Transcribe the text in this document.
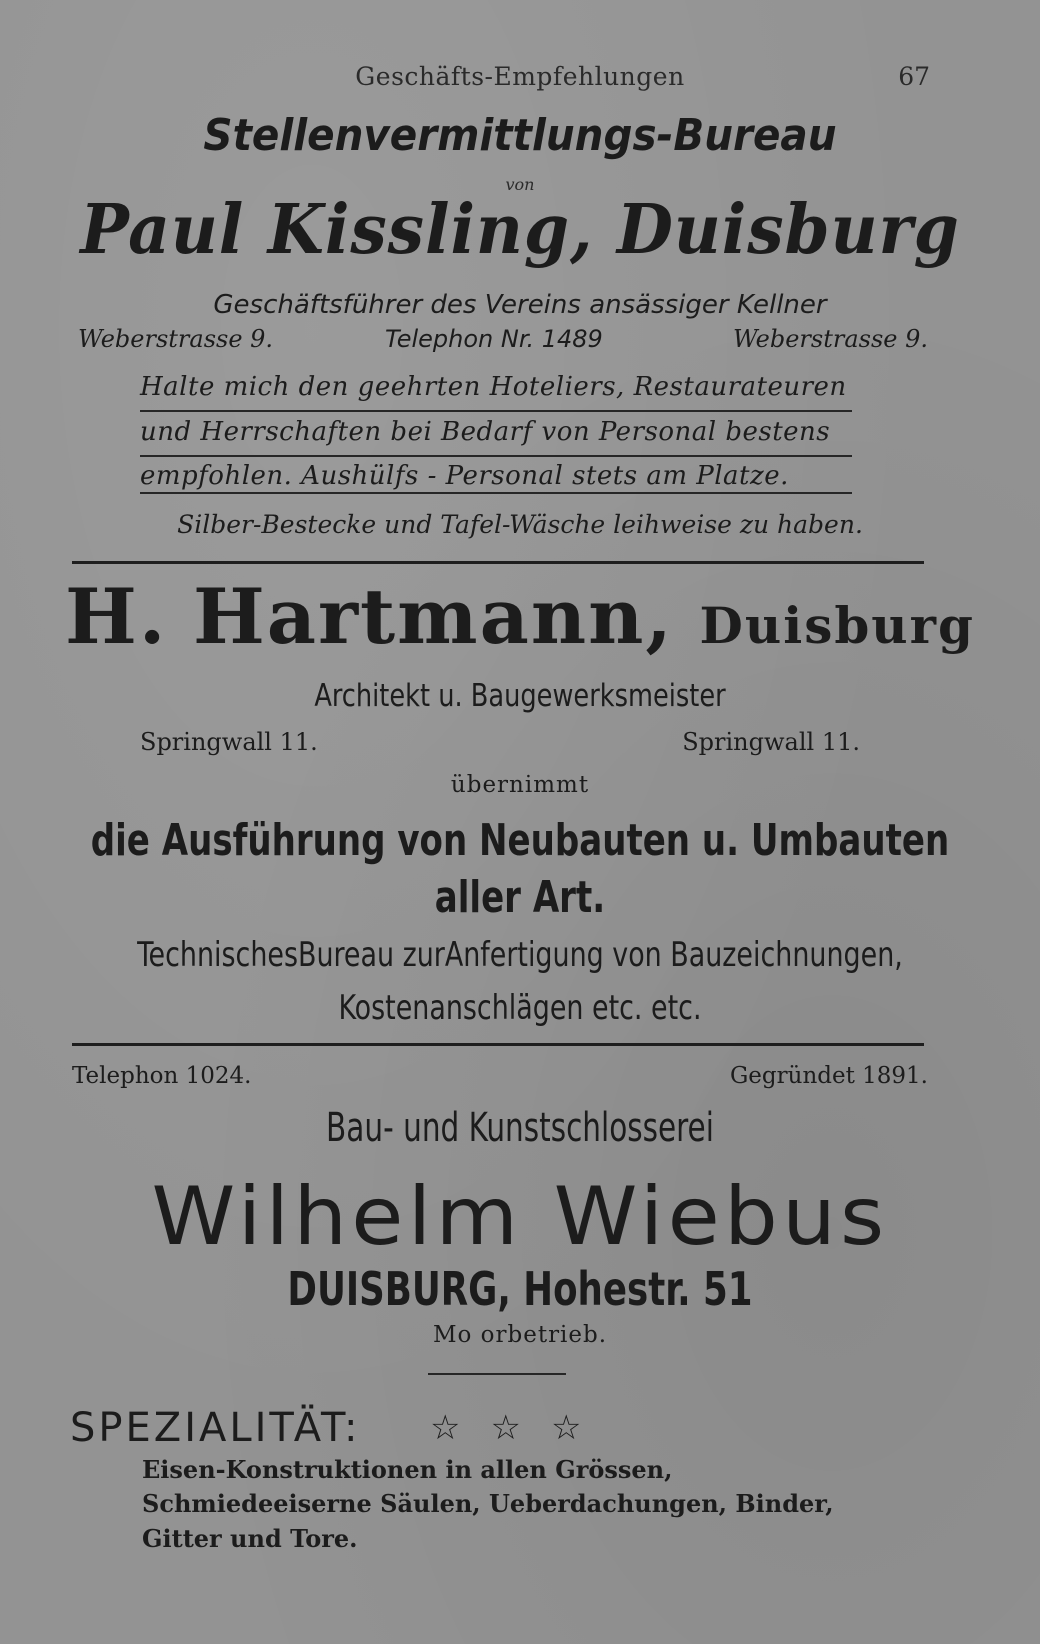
Geschäfts-Empfehlungen	67
Stellenvermittlungs-Bureau
von
Paul Kissling, Duisburg
Geschäftsführer des Vereins ansässiger Kellner
Weberstrasse 9.	Telephon Nr. 1489	Weberstrasse 9.
Halte mich den geehrten Hoteliers, Restaurateuren
und Herrschaften bei Bedarf von Personal bestens
empfohlen. Aushülfs - Personal stets am Platze.
Silber-Bestecke und Tafel-Wäsche leihweise zu haben.
H. Hartmann, Duisburg
Architekt u. Baugewerksmeister
Springwall 11.	Springwall 11.
übernimmt
die Ausführung von Neubauten u. Umbauten
aller Art.
TechnischesBureau zurAnfertigung von Bauzeichnungen,
Kostenanschlägen etc. etc.
Telephon 1024.	Gegründet 1891.
Bau- und Kunstschlosserei
Wilhelm Wiebus
DUISBURG, Hohestr. 51
Mo orbetrieb.
SPEZIALITÄT: ☆☆☆
Eisen-Konstruktionen in allen Grössen,
Schmiedeeiserne Säulen, Ueberdachungen, Binder,
Gitter und Tore.
